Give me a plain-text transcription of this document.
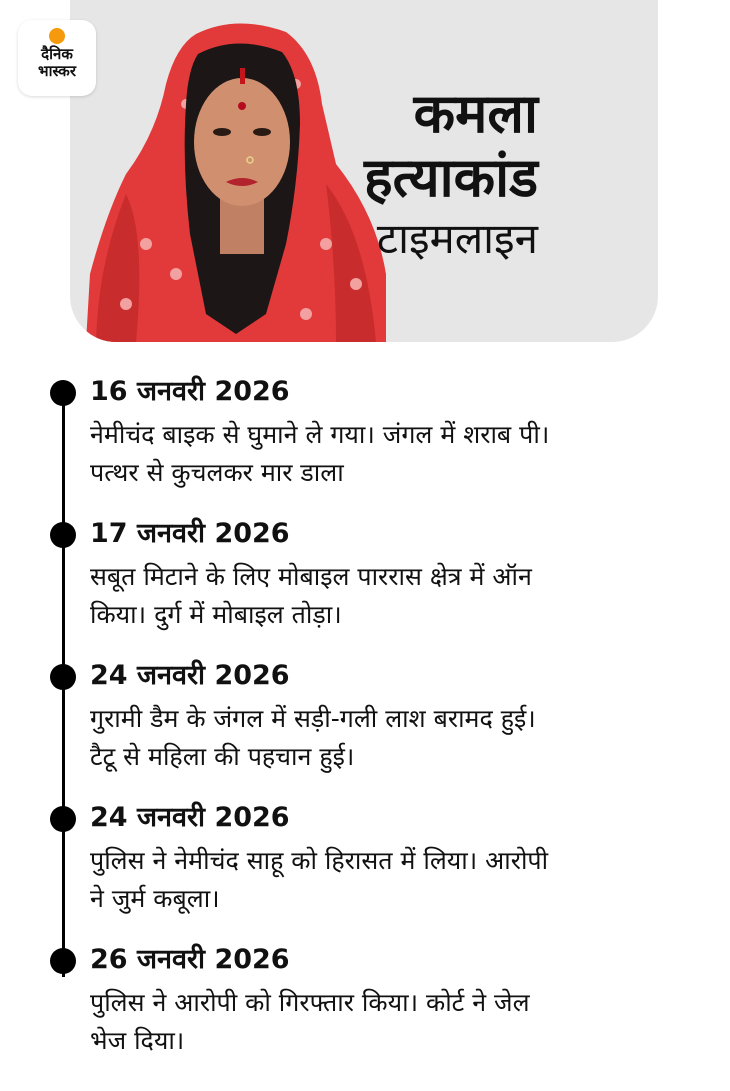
कमला
हत्याकांड
टाइमलाइन
दैनिक
भास्कर
16 जनवरी 2026
नेमीचंद बाइक से घुमाने ले गया। जंगल में शराब पी।
पत्थर से कुचलकर मार डाला
17 जनवरी 2026
सबूत मिटाने के लिए मोबाइल पाररास क्षेत्र में ऑन
किया। दुर्ग में मोबाइल तोड़ा।
24 जनवरी 2026
गुरामी डैम के जंगल में सड़ी-गली लाश बरामद हुई।
टैटू से महिला की पहचान हुई।
24 जनवरी 2026
पुलिस ने नेमीचंद साहू को हिरासत में लिया। आरोपी
ने जुर्म कबूला।
26 जनवरी 2026
पुलिस ने आरोपी को गिरफ्तार किया। कोर्ट ने जेल
भेज दिया।
